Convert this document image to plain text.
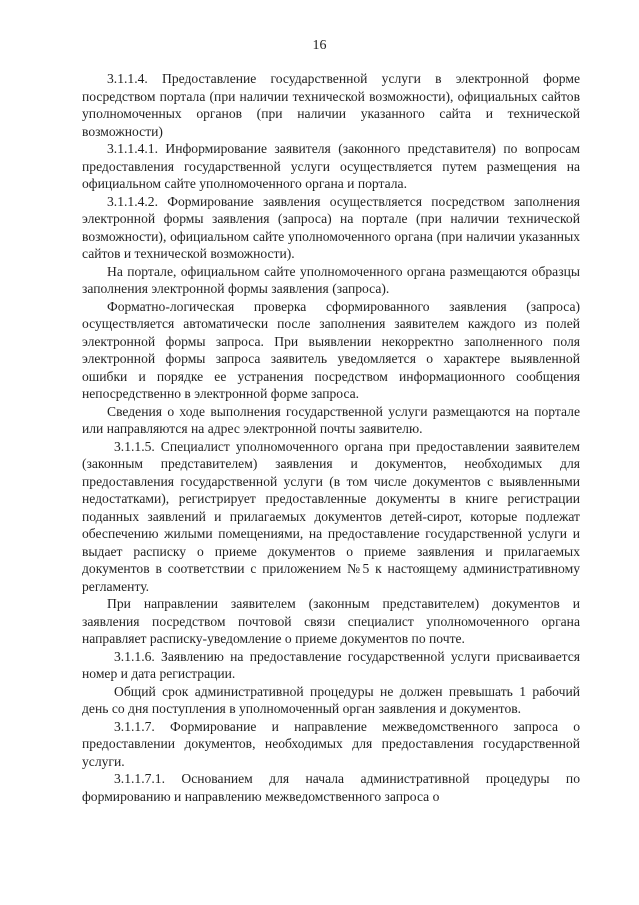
16

3.1.1.4. Предоставление государственной услуги в электронной форме посредством портала (при наличии технической возможности), официальных сайтов уполномоченных органов (при наличии указанного сайта и технической возможности)

3.1.1.4.1. Информирование заявителя (законного представителя) по вопросам предоставления государственной услуги осуществляется путем размещения на официальном сайте уполномоченного органа и портала.

3.1.1.4.2. Формирование заявления осуществляется посредством заполнения электронной формы заявления (запроса) на портале (при наличии технической возможности), официальном сайте уполномоченного органа (при наличии указанных сайтов и технической возможности).

На портале, официальном сайте уполномоченного органа размещаются образцы заполнения электронной формы заявления (запроса).

Форматно-логическая проверка сформированного заявления (запроса) осуществляется автоматически после заполнения заявителем каждого из полей электронной формы запроса. При выявлении некорректно заполненного поля электронной формы запроса заявитель уведомляется о характере выявленной ошибки и порядке ее устранения посредством информационного сообщения непосредственно в электронной форме запроса.

Сведения о ходе выполнения государственной услуги размещаются на портале или направляются на адрес электронной почты заявителю.

3.1.1.5. Специалист уполномоченного органа при предоставлении заявителем (законным представителем) заявления и документов, необходимых для предоставления государственной услуги (в том числе документов с выявленными недостатками), регистрирует предоставленные документы в книге регистрации поданных заявлений и прилагаемых документов детей-сирот, которые подлежат обеспечению жилыми помещениями, на предоставление государственной услуги и выдает расписку о приеме документов о приеме заявления и прилагаемых документов в соответствии с приложением №5 к настоящему административному регламенту.

При направлении заявителем (законным представителем) документов и заявления посредством почтовой связи специалист уполномоченного органа направляет расписку-уведомление о приеме документов по почте.

3.1.1.6. Заявлению на предоставление государственной услуги присваивается номер и дата регистрации.

Общий срок административной процедуры не должен превышать 1 рабочий день со дня поступления в уполномоченный орган заявления и документов.

3.1.1.7. Формирование и направление межведомственного запроса о предоставлении документов, необходимых для предоставления государственной услуги.

3.1.1.7.1. Основанием для начала административной процедуры по формированию и направлению межведомственного запроса о
